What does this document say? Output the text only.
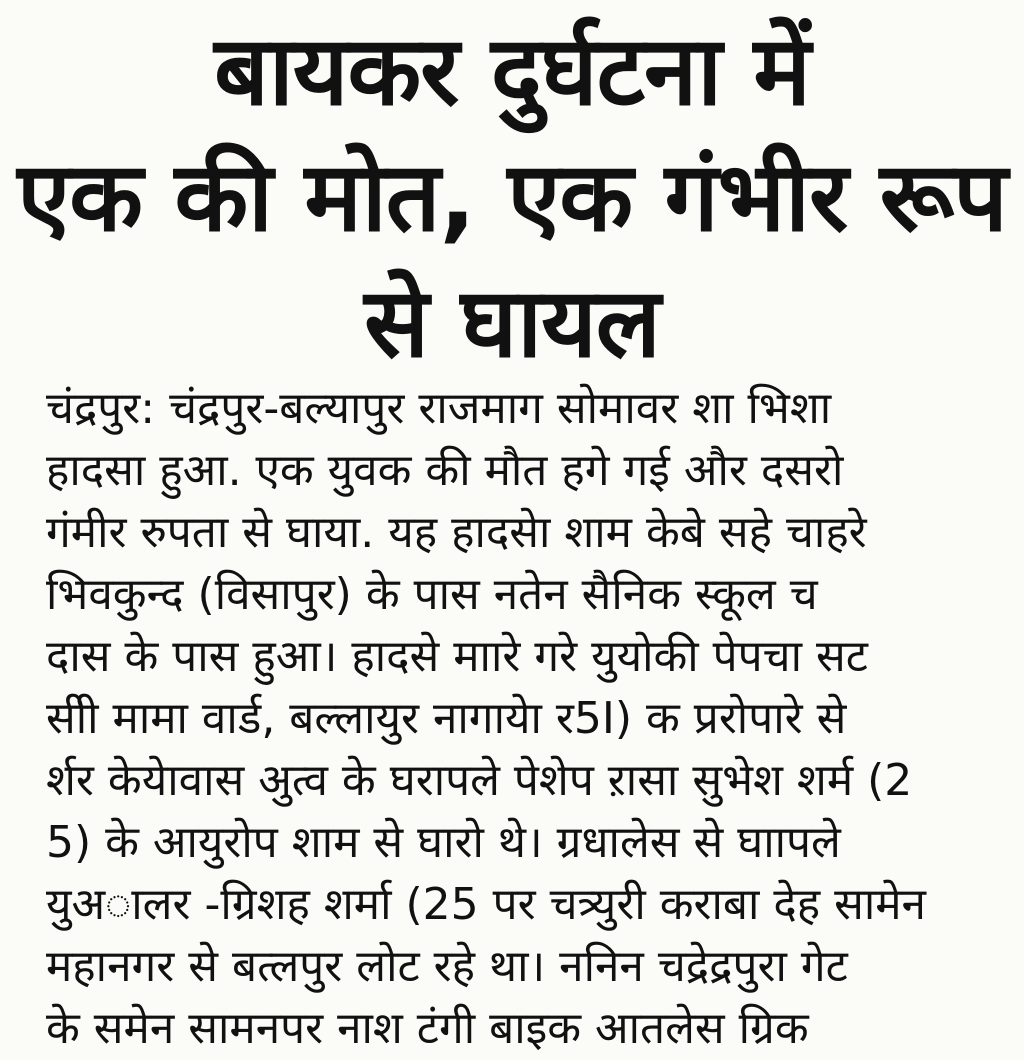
बायकर दुर्घटना में
एक की मोत, एक गंभीर रूप
से घायल
चंद्रपुर: चंद्रपुर-बल्यापुर राजमाग सोमावर शा भिशा
हादसा हुआ. एक युवक की मौत हगे गई और दसरो
गंमीर रुपता से घाया. यह हादसेा शाम केबे सहे चाहरे
भिवकुन्द (विसापुर) के पास नतेन सैनिक स्कूल च
दास के पास हुआ। हादसे माारे गरे युयोकी पेपचा सट
सीी मामा वार्ड, बल्लायुर नागायेा र5I) क प्ररोपारे से
र्शर केयेावास अुत्व के घरापले पेशेप ऱासा सुभेश शर्म (2
5) के आयुरोप शाम से घारो थे। ग्रधालेस से घाापले
युअालर -ग्रिशह शर्मा (25 पर चत्र्युरी कराबा देह सामेन
महानगर से बत्लपुर लोट रहे था। ननिन चद्रेद्रपुरा गेट
के समेन सामनपर नाश टंगी बाइक आतलेस ग्रिक
